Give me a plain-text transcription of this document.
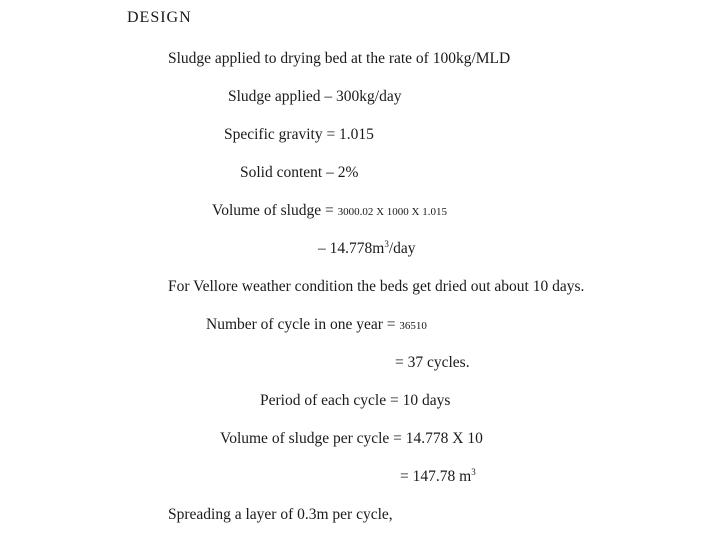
DESIGN
Sludge applied to drying bed at the rate of 100kg/MLD
Sludge applied – 300kg/day
Specific gravity = 1.015
Solid content – 2%
Volume of sludge = 3000.02 X 1000 X 1.015
– $14.778m^3$/day
For Vellore weather condition the beds get dried out about 10 days.
Number of cycle in one year = 36510
= 37 cycles.
Period of each cycle = 10 days
Volume of sludge per cycle = 14.778 X 10
= 147.78 $m^3$
Spreading a layer of 0.3m per cycle,
